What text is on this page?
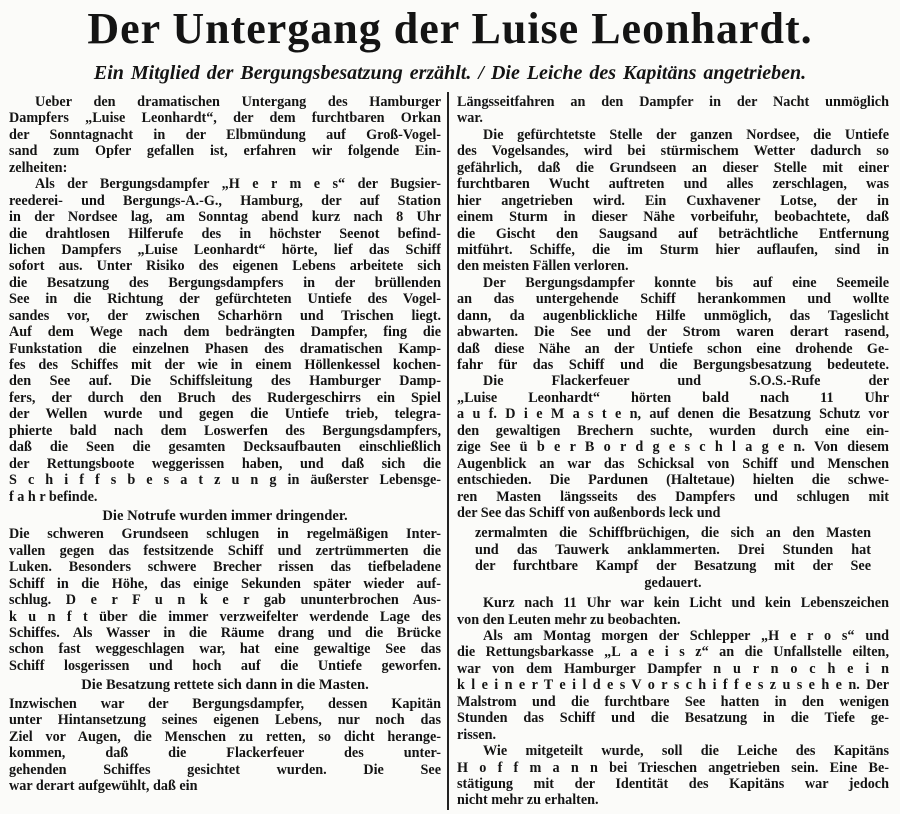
Der Untergang der Luise Leonhardt.
Ein Mitglied der Bergungsbesatzung erzählt. / Die Leiche des Kapitäns angetrieben.
Ueber den dramatischen Untergang des Hamburger
Dampfers „Luise Leonhardt“, der dem furchtbaren Orkan
der Sonntagnacht in der Elbmündung auf Groß-Vogel-
sand zum Opfer gefallen ist, erfahren wir folgende Ein-
zelheiten:
Als der Bergungsdampfer „H e r m e s“ der Bugsier-
reederei- und Bergungs-A.-G., Hamburg, der auf Station
in der Nordsee lag, am Sonntag abend kurz nach 8 Uhr
die drahtlosen Hilferufe des in höchster Seenot befind-
lichen Dampfers „Luise Leonhardt“ hörte, lief das Schiff
sofort aus. Unter Risiko des eigenen Lebens arbeitete sich
die Besatzung des Bergungsdampfers in der brüllenden
See in die Richtung der gefürchteten Untiefe des Vogel-
sandes vor, der zwischen Scharhörn und Trischen liegt.
Auf dem Wege nach dem bedrängten Dampfer, fing die
Funkstation die einzelnen Phasen des dramatischen Kamp-
fes des Schiffes mit der wie in einem Höllenkessel kochen-
den See auf. Die Schiffsleitung des Hamburger Damp-
fers, der durch den Bruch des Rudergeschirrs ein Spiel
der Wellen wurde und gegen die Untiefe trieb, telegra-
phierte bald nach dem Loswerfen des Bergungsdampfers,
daß die Seen die gesamten Decksaufbauten einschließlich
der Rettungsboote weggerissen haben, und daß sich die
S c h i f f s b e s a t z u n g in äußerster Lebensge-
f a h r befinde.
Die Notrufe wurden immer dringender.
Die schweren Grundseen schlugen in regelmäßigen Inter-
vallen gegen das festsitzende Schiff und zertrümmerten die
Luken. Besonders schwere Brecher rissen das tiefbeladene
Schiff in die Höhe, das einige Sekunden später wieder auf-
schlug. D e r F u n k e r gab ununterbrochen Aus-
k u n f t über die immer verzweifelter werdende Lage des
Schiffes. Als Wasser in die Räume drang und die Brücke
schon fast weggeschlagen war, hat eine gewaltige See das
Schiff losgerissen und hoch auf die Untiefe geworfen.
Die Besatzung rettete sich dann in die Masten.
Inzwischen war der Bergungsdampfer, dessen Kapitän
unter Hintansetzung seines eigenen Lebens, nur noch das
Ziel vor Augen, die Menschen zu retten, so dicht herange-
kommen, daß die Flackerfeuer des unter-
gehenden Schiffes gesichtet wurden. Die See
war derart aufgewühlt, daß ein
Längsseitfahren an den Dampfer in der Nacht unmöglich
war.
Die gefürchtetste Stelle der ganzen Nordsee, die Untiefe
des Vogelsandes, wird bei stürmischem Wetter dadurch so
gefährlich, daß die Grundseen an dieser Stelle mit einer
furchtbaren Wucht auftreten und alles zerschlagen, was
hier angetrieben wird. Ein Cuxhavener Lotse, der in
einem Sturm in dieser Nähe vorbeifuhr, beobachtete, daß
die Gischt den Saugsand auf beträchtliche Entfernung
mitführt. Schiffe, die im Sturm hier auflaufen, sind in
den meisten Fällen verloren.
Der Bergungsdampfer konnte bis auf eine Seemeile
an das untergehende Schiff herankommen und wollte
dann, da augenblickliche Hilfe unmöglich, das Tageslicht
abwarten. Die See und der Strom waren derart rasend,
daß diese Nähe an der Untiefe schon eine drohende Ge-
fahr für das Schiff und die Bergungsbesatzung bedeutete.
Die Flackerfeuer und S.O.S.-Rufe der
„Luise Leonhardt“ hörten bald nach 11 Uhr
a u f. D i e M a s t e n, auf denen die Besatzung Schutz vor
den gewaltigen Brechern suchte, wurden durch eine ein-
zige See ü b e r B o r d g e s c h l a g e n. Von diesem
Augenblick an war das Schicksal von Schiff und Menschen
entschieden. Die Pardunen (Haltetaue) hielten die schwe-
ren Masten längsseits des Dampfers und schlugen mit
der See das Schiff von außenbords leck und
zermalmten die Schiffbrüchigen, die sich an den Masten
und das Tauwerk anklammerten. Drei Stunden hat
der furchtbare Kampf der Besatzung mit der See
gedauert.
Kurz nach 11 Uhr war kein Licht und kein Lebenszeichen
von den Leuten mehr zu beobachten.
Als am Montag morgen der Schlepper „H e r o s“ und
die Rettungsbarkasse „L a e i s z“ an die Unfallstelle eilten,
war von dem Hamburger Dampfer n u r n o c h e i n
k l e i n e r T e i l d e s V o r s c h i f f e s z u s e h e n. Der
Malstrom und die furchtbare See hatten in den wenigen
Stunden das Schiff und die Besatzung in die Tiefe ge-
rissen.
Wie mitgeteilt wurde, soll die Leiche des Kapitäns
H o f f m a n n bei Trieschen angetrieben sein. Eine Be-
stätigung mit der Identität des Kapitäns war jedoch
nicht mehr zu erhalten.
